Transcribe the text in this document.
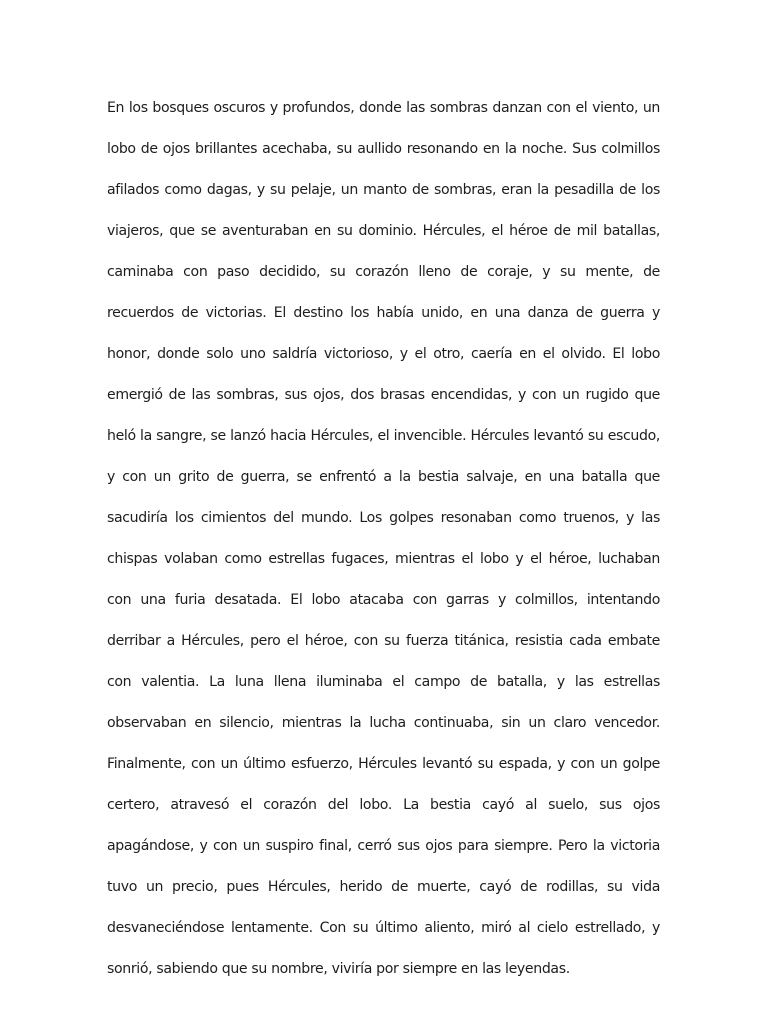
En los bosques oscuros y profundos, donde las sombras danzan con el viento, un lobo de ojos brillantes acechaba, su aullido resonando en la noche. Sus colmillos afilados como dagas, y su pelaje, un manto de sombras, eran la pesadilla de los viajeros, que se aventuraban en su dominio. Hércules, el héroe de mil batallas, caminaba con paso decidido, su corazón lleno de coraje, y su mente, de recuerdos de victorias. El destino los había unido, en una danza de guerra y honor, donde solo uno saldría victorioso, y el otro, caería en el olvido. El lobo emergió de las sombras, sus ojos, dos brasas encendidas, y con un rugido que heló la sangre, se lanzó hacia Hércules, el invencible. Hércules levantó su escudo, y con un grito de guerra, se enfrentó a la bestia salvaje, en una batalla que sacudiría los cimientos del mundo. Los golpes resonaban como truenos, y las chispas volaban como estrellas fugaces, mientras el lobo y el héroe, luchaban con una furia desatada. El lobo atacaba con garras y colmillos, intentando derribar a Hércules, pero el héroe, con su fuerza titánica, resistia cada embate con valentia. La luna llena iluminaba el campo de batalla, y las estrellas observaban en silencio, mientras la lucha continuaba, sin un claro vencedor. Finalmente, con un último esfuerzo, Hércules levantó su espada, y con un golpe certero, atravesó el corazón del lobo. La bestia cayó al suelo, sus ojos apagándose, y con un suspiro final, cerró sus ojos para siempre. Pero la victoria tuvo un precio, pues Hércules, herido de muerte, cayó de rodillas, su vida desvaneciéndose lentamente. Con su último aliento, miró al cielo estrellado, y sonrió, sabiendo que su nombre, viviría por siempre en las leyendas.
